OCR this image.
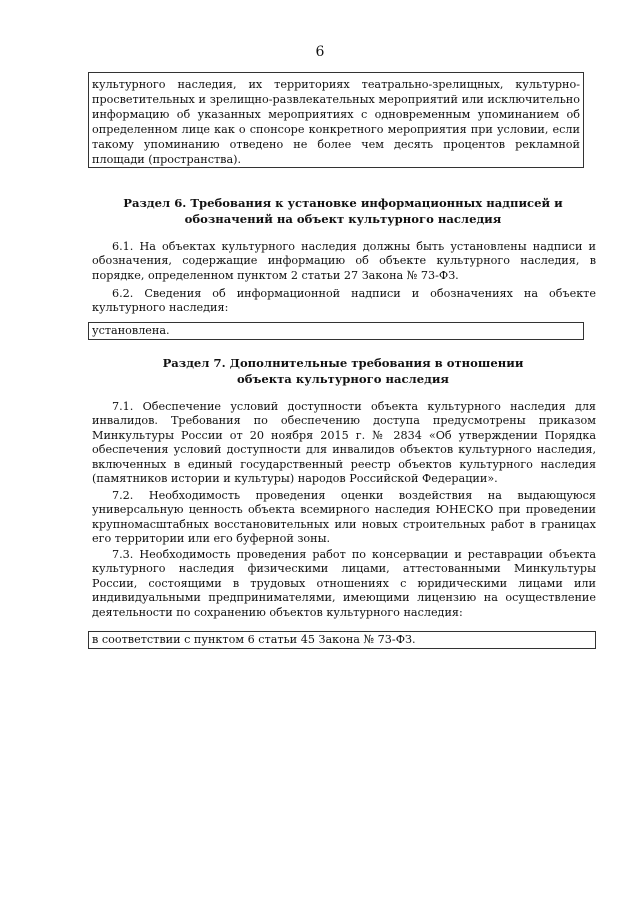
6

культурного наследия, их территориях театрально-зрелищных, культурно-просветительных и зрелищно-развлекательных мероприятий или исключительно информацию об указанных мероприятиях с одновременным упоминанием об определенном лице как о спонсоре конкретного мероприятия при условии, если такому упоминанию отведено не более чем десять процентов рекламной площади (пространства).

Раздел 6. Требования к установке информационных надписей и
обозначений на объект культурного наследия

6.1. На объектах культурного наследия должны быть установлены надписи и обозначения, содержащие информацию об объекте культурного наследия, в порядке, определенном пунктом 2 статьи 27 Закона № 73-ФЗ.

6.2. Сведения об информационной надписи и обозначениях на объекте культурного наследия:

установлена.

Раздел 7. Дополнительные требования в отношении
объекта культурного наследия

7.1. Обеспечение условий доступности объекта культурного наследия для инвалидов. Требования по обеспечению доступа предусмотрены приказом Минкультуры России от 20 ноября 2015 г. № 2834 «Об утверждении Порядка обеспечения условий доступности для инвалидов объектов культурного наследия, включенных в единый государственный реестр объектов культурного наследия (памятников истории и культуры) народов Российской Федерации».

7.2. Необходимость проведения оценки воздействия на выдающуюся универсальную ценность объекта всемирного наследия ЮНЕСКО при проведении крупномасштабных восстановительных или новых строительных работ в границах его территории или его буферной зоны.

7.3. Необходимость проведения работ по консервации и реставрации объекта культурного наследия физическими лицами, аттестованными Минкультуры России, состоящими в трудовых отношениях с юридическими лицами или индивидуальными предпринимателями, имеющими лицензию на осуществление деятельности по сохранению объектов культурного наследия:

в соответствии с пунктом 6 статьи 45 Закона № 73-ФЗ.
